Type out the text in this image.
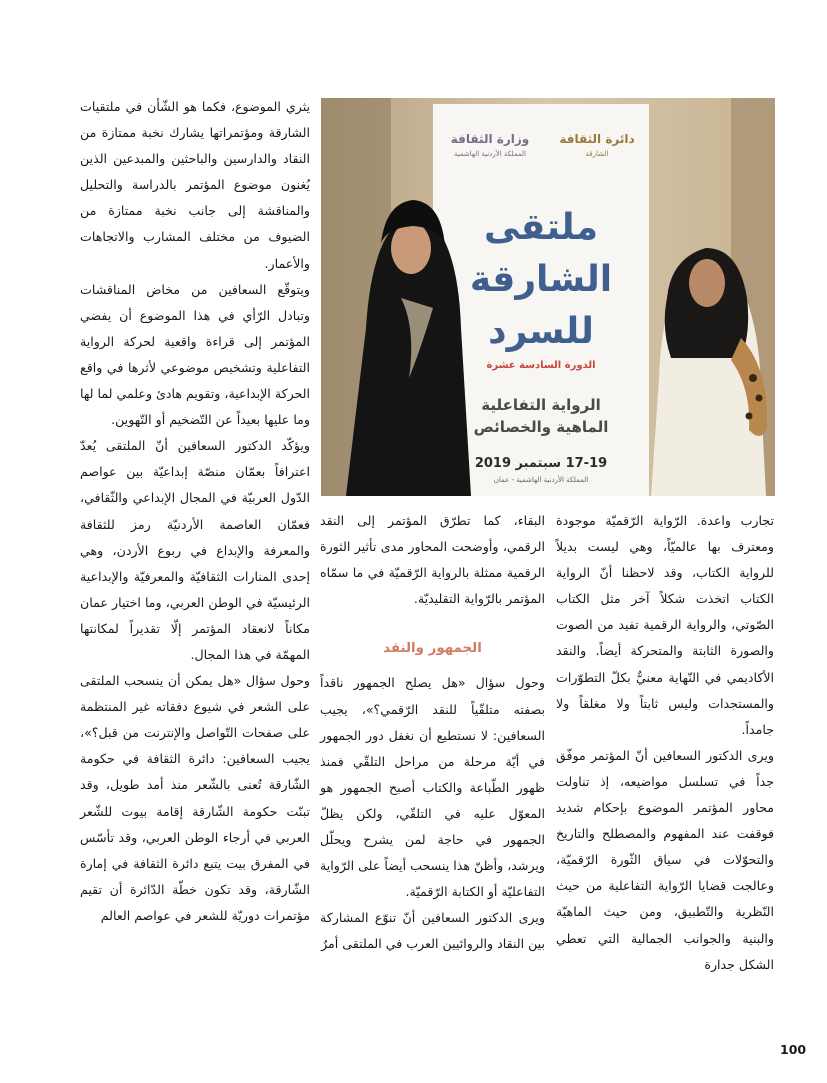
يثري الموضوع، فكما هو الشّأن في ملتقيات الشارقة ومؤتمراتها يشارك نخبة ممتازة من النقاد والدارسين والباحثين والمبدعين الذين يُغنون موضوع المؤتمر بالدراسة والتحليل والمناقشة إلى جانب نخبة ممتازة من الضيوف من مختلف المشارب والاتجاهات والأعمار.

ويتوقّع السعافين من مخاض المناقشات وتبادل الرّأي في هذا الموضوع أن يفضي المؤتمر إلى قراءة واقعية لحركة الرواية التفاعلية وتشخيص موضوعي لأثرها في واقع الحركة الإبداعية، وتقويم هادئ وعلمي لما لها وما عليها بعيداً عن التّضخيم أو التّهوين.

ويؤكّد الدكتور السعافين أنّ الملتقى يُعدّ اعترافاً بعمّان منصّة إبداعيّة بين عواصم الدّول العربيّة في المجال الإبداعي والثّقافي، فعمّان العاصمة الأردنيّة رمز للثقافة والمعرفة والإبداع في ربوع الأردن، وهي إحدى المنارات الثقافيّة والمعرفيّة والإبداعية الرئيسيّة في الوطن العربي، وما اختيار عمان مكاناً لانعقاد المؤتمر إلّا تقديراً لمكانتها المهمّة في هذا المجال.

وحول سؤال «هل يمكن أن ينسحب الملتقى على الشعر في شيوع دفقاته غير المنتظمة على صفحات التّواصل والإنترنت من قبل؟»، يجيب السعافين: دائرة الثقافة في حكومة الشّارقة تُعنى بالشّعر منذ أمد طويل، وقد تبنّت حكومة الشّارقة إقامة بيوت للشّعر العربي في أرجاء الوطن العربي، وقد تأسّس في المفرق بيت يتبع دائرة الثقافة في إمارة الشّارقة، وقد تكون خطّة الدّائرة أن تقيم مؤتمرات دوريّة للشعر في عواصم العالم

وزارة الثقافة
المملكة الأردنية الهاشمية
دائرة الثقافة
الشارقة
ملتقى
الشارقة
للسرد
الدورة السادسة عشرة
الرواية التفاعلية
الماهية والخصائص
17-19 سبتمبر 2019
المملكة الأردنية الهاشمية - عمان

البقاء، كما تطرّق المؤتمر إلى النقد الرقمي، وأوضحت المحاور مدى تأثير الثورة الرقمية ممثلة بالرواية الرّقميّة في ما سمّاه المؤتمر بالرّواية التقليديّة.

الجمهور والنقد

وحول سؤال «هل يصلح الجمهور ناقداً بصفته متلقّياً للنقد الرّقمي؟»، يجيب السعافين: لا نستطيع أن نغفل دور الجمهور في أيّة مرحلة من مراحل التلقّي فمنذ ظهور الطّباعة والكتاب أصبح الجمهور هو المعوّل عليه في التلقّي، ولكن يظلّ الجمهور في حاجة لمن يشرح ويحلّل ويرشد، وأظنّ هذا ينسحب أيضاً على الرّواية التفاعليّة أو الكتابة الرّقميّة.

ويرى الدكتور السعافين أنّ تنوّع المشاركة بين النقاد والروائيين العرب في الملتقى أمرٌ

تجارب واعدة. الرّواية الرّقميّة موجودة ومعترف بها عالميّاً، وهي ليست بديلاً للرواية الكتاب، وقد لاحظنا أنّ الرواية الكتاب اتخذت شكلاً آخر مثل الكتاب الصّوتي، والرواية الرقمية تفيد من الصوت والصورة الثابتة والمتحركة أيضاً. والنقد الأكاديمي في النّهاية معنيٌّ بكلّ التطوّرات والمستجدات وليس ثابتاً ولا مغلقاً ولا جامداً.

ويرى الدكتور السعافين أنّ المؤتمر موفّق جداً في تسلسل مواضيعه، إذ تناولت محاور المؤتمر الموضوع بإحكام شديد فوقفت عند المفهوم والمصطلح والتاريخ والتحوّلات في سياق الثّورة الرّقميّة، وعالجت قضايا الرّواية التفاعلية من حيث النّظرية والتّطبيق، ومن حيث الماهيّة والبنية والجوانب الجمالية التي تعطي الشكل جدارة

100
